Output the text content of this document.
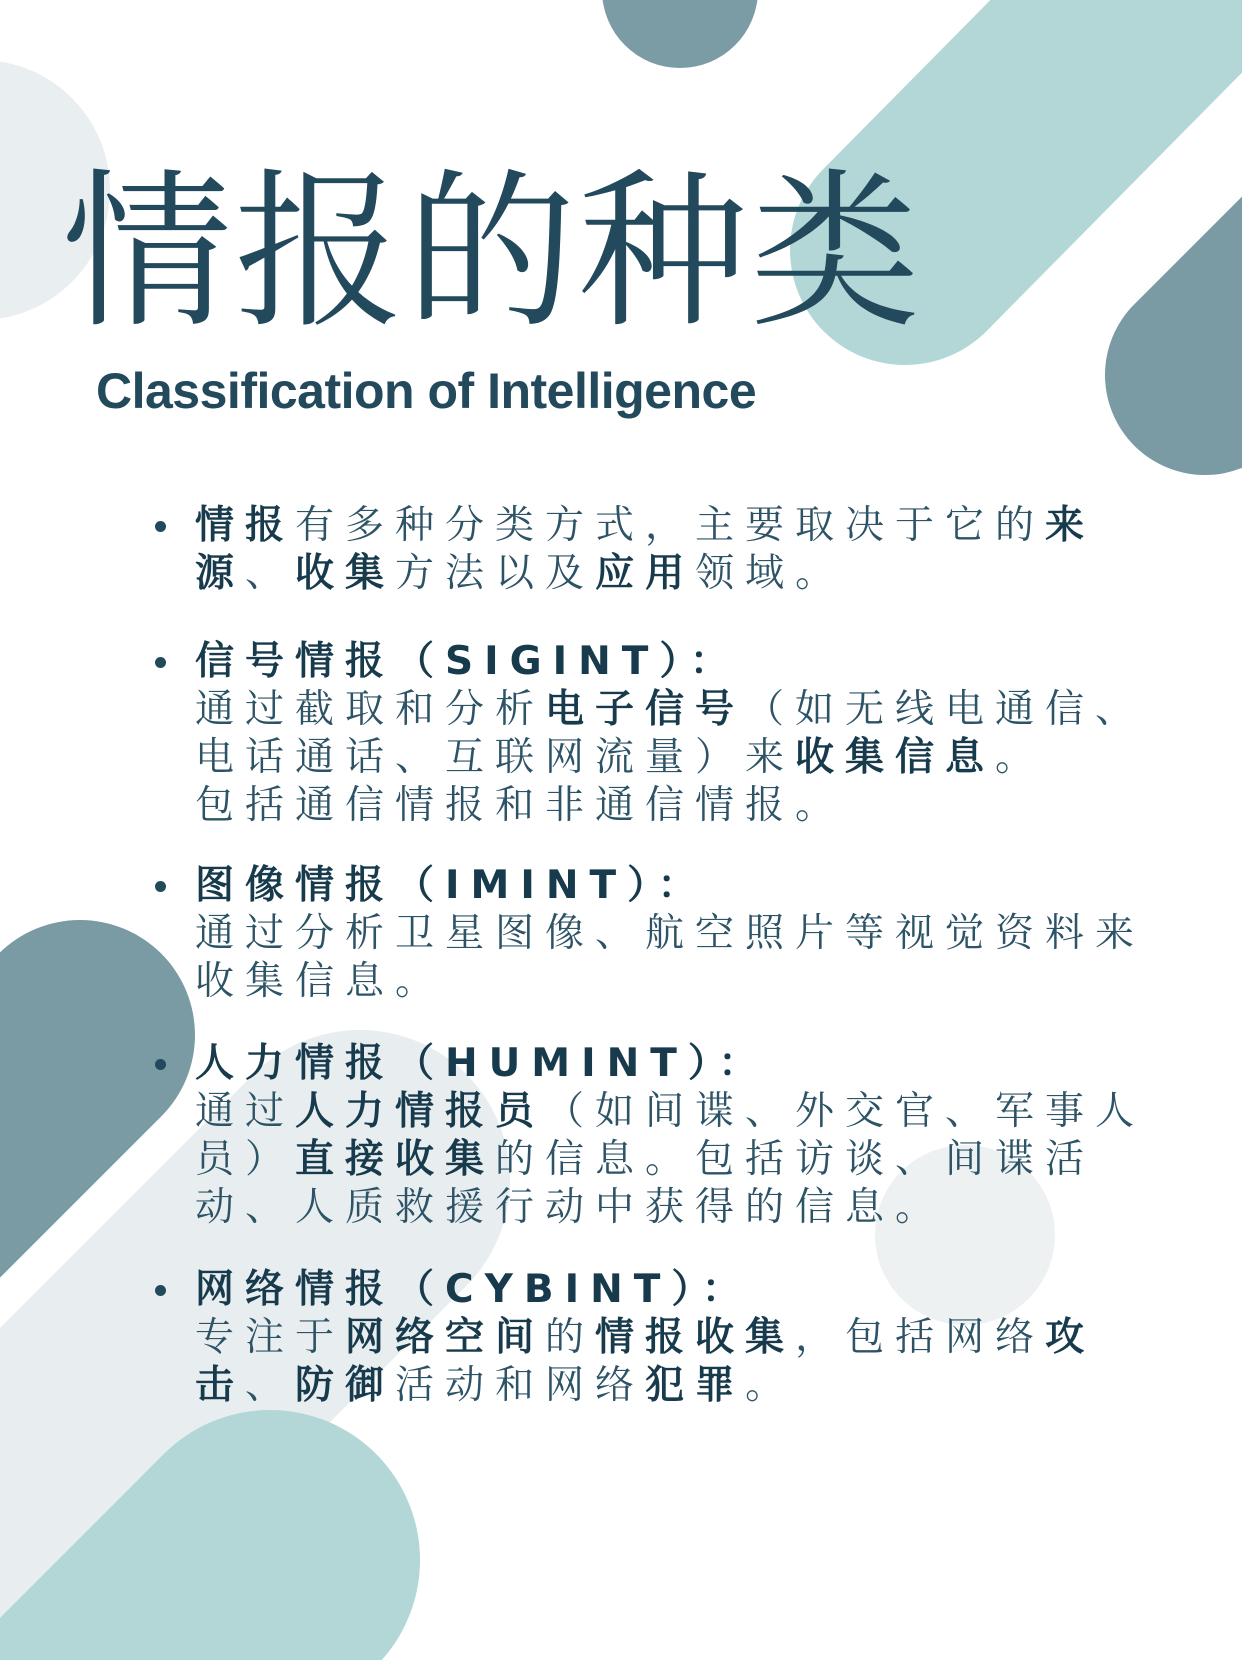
情报的种类

Classification of Intelligence

情报有多种分类方式，主要取决于它的来
源、收集方法以及应用领域。
信号情报（SIGINT）：
通过截取和分析电子信号（如无线电通信、
电话通话、互联网流量）来收集信息。
包括通信情报和非通信情报。
图像情报（IMINT）：
通过分析卫星图像、航空照片等视觉资料来
收集信息。
人力情报（HUMINT）：
通过人力情报员（如间谍、外交官、军事人
员）直接收集的信息。包括访谈、间谍活
动、人质救援行动中获得的信息。
网络情报（CYBINT）：
专注于网络空间的情报收集，包括网络攻
击、防御活动和网络犯罪。
